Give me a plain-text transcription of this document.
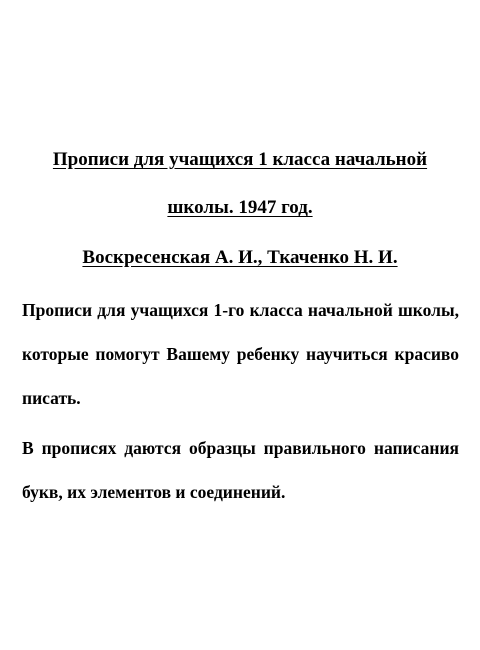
Прописи для учащихся 1 класса начальной школы. 1947 год.
Воскресенская А. И., Ткаченко Н. И.

Прописи для учащихся 1-го класса начальной школы, которые помогут Вашему ребенку научиться красиво писать.

В прописях даются образцы правильного написания букв, их элементов и соединений.
